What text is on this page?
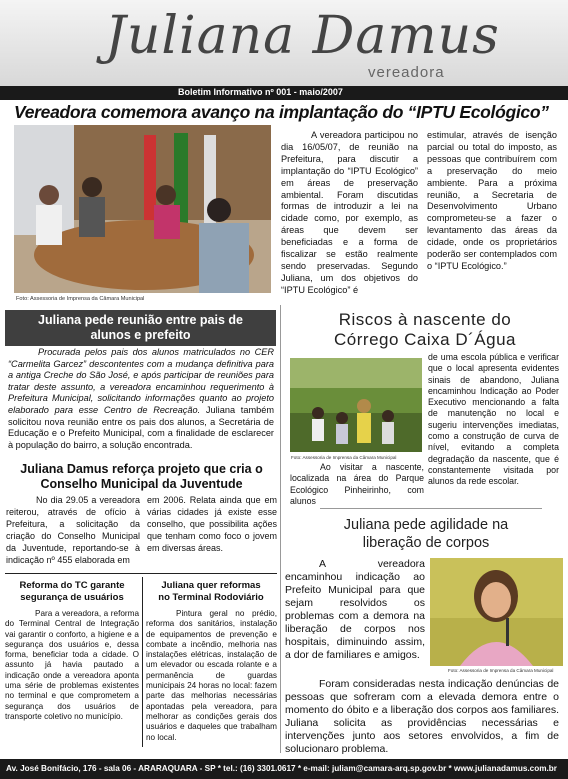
Juliana Damus
vereadora
Boletim Informativo nº 001 - maio/2007
Vereadora comemora avanço na implantação do “IPTU Ecológico”
Foto: Assessoria de Imprensa da Câmara Municipal

A vereadora participou no dia 16/05/07, de reunião na Prefeitura, para discutir a implantação do “IPTU Ecológico” em áreas de preservação ambiental. Foram discutidas formas de introduzir a lei na cidade como, por exemplo, as áreas que devem ser beneficiadas e a forma de fiscalizar se estão realmente sendo preservadas. Segundo Juliana, um dos objetivos do “IPTU Ecológico” é

estimular, através de isenção parcial ou total do imposto, as pessoas que contribuírem com a preservação do meio ambiente. Para a próxima reunião, a Secretaria de Desenvolvimento Urbano comprometeu-se a fazer o levantamento das áreas da cidade, onde os proprietários poderão ser contemplados com o “IPTU Ecológico.”

Juliana pede reunião entre pais de
alunos e prefeito
Procurada pelos pais dos alunos matriculados no CER “Carmelita Garcez” descontentes com a mudança definitiva para a antiga Creche do São José, e após participar de reuniões para tratar deste assunto, a vereadora encaminhou requerimento à Prefeitura Municipal, solicitando informações quanto ao projeto elaborado para esse Centro de Recreação. Juliana também solicitou nova reunião entre os pais dos alunos, a Secretária de Educação e o Prefeito Municipal, com a finalidade de esclarecer à população do bairro, a solução encontrada.
Juliana Damus reforça projeto que cria o
Conselho Municipal da Juventude

No dia 29.05 a vereadora reiterou, através de ofício à Prefeitura, a solicitação da criação do Conselho Municipal da Juventude, reportando-se à indicação nº 455 elaborada em

em 2006. Relata ainda que em várias cidades já existe esse conselho, que possibilita ações que tenham como foco o jovem em diversas áreas.

Reforma do TC garante
segurança de usuários
Para a vereadora, a reforma do Terminal Central de Integração vai garantir o conforto, a higiene e a segurança dos usuários e, dessa forma, beneficiar toda a cidade. O assunto já havia pautado a indicação onde a vereadora aponta uma série de problemas existentes no terminal e que comprometem a segurança dos usuários de transporte coletivo no município.
Juliana quer reformas
no Terminal Rodoviário
Pintura geral no prédio, reforma dos sanitários, instalação de equipamentos de prevenção e combate a incêndio, melhoria nas instalações elétricas, instalação de um elevador ou escada rolante e a permanência de guardas municipais 24 horas no local: fazem parte das melhorias necessárias apontadas pela vereadora, para melhorar as condições gerais dos usuários e daqueles que trabalham no local.
Riscos à nascente do
Córrego Caixa D´Água
Foto: Assessoria de Imprensa da Câmara Municipal

de uma escola pública e verificar que o local apresenta evidentes sinais de abandono, Juliana encaminhou Indicação ao Poder Executivo mencionando a falta de manutenção no local e sugeriu intervenções imediatas, como a construção de curva de nível, evitando a completa degradação da nascente, que é constantemente visitada por alunos da rede escolar.

Ao visitar a nascente, localizada na área do Parque Ecológico Pinheirinho, com alunos

Juliana pede agilidade na
liberação de corpos
A vereadora encaminhou indicação ao Prefeito Municipal para que sejam resolvidos os problemas com a demora na liberação de corpos nos hospitais, diminuindo assim, a dor de familiares e amigos.
Foto: Assessoria de Imprensa da Câmara Municipal
Foram consideradas nesta indicação denúncias de pessoas que sofreram com a elevada demora entre o momento do óbito e a liberação dos corpos aos familiares. Juliana solicita as providências necessárias e intervenções junto aos setores envolvidos, a fim de solucionaro problema.
Av. José Bonifácio, 176 - sala 06 - ARARAQUARA - SP * tel.: (16) 3301.0617 * e-mail: juliam@camara-arq.sp.gov.br * www.julianadamus.com.br
